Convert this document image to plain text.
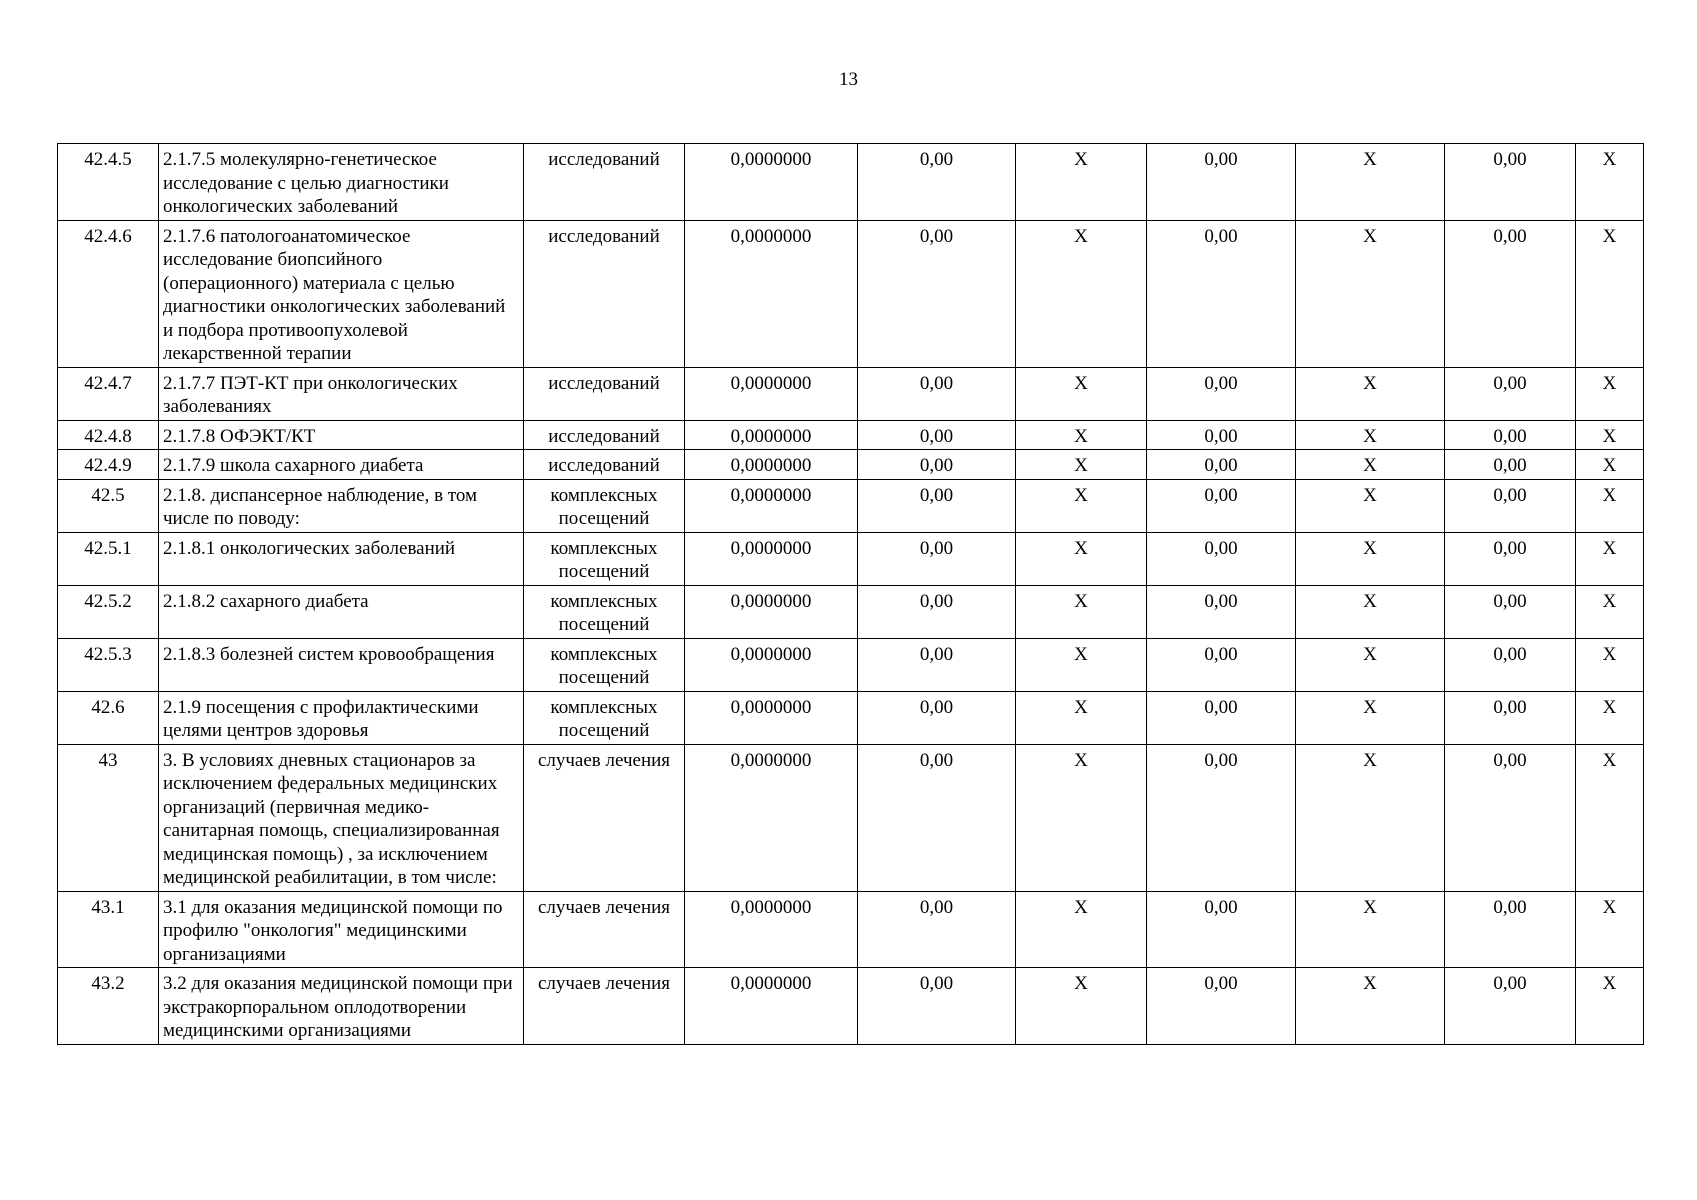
13
42.4.5	2.1.7.5 молекулярно-генетическое исследование с целью диагностики онкологических заболеваний	исследований	0,0000000	0,00	X	0,00	X	0,00	X
42.4.6	2.1.7.6 патологоанатомическое исследование биопсийного (операционного) материала с целью диагностики онкологических заболеваний и подбора противоопухолевой лекарственной терапии	исследований	0,0000000	0,00	X	0,00	X	0,00	X
42.4.7	2.1.7.7 ПЭТ-КТ при онкологических заболеваниях	исследований	0,0000000	0,00	X	0,00	X	0,00	X
42.4.8	2.1.7.8 ОФЭКТ/КТ	исследований	0,0000000	0,00	X	0,00	X	0,00	X
42.4.9	2.1.7.9 школа сахарного диабета	исследований	0,0000000	0,00	X	0,00	X	0,00	X
42.5	2.1.8. диспансерное наблюдение, в том числе по поводу:	комплексных посещений	0,0000000	0,00	X	0,00	X	0,00	X
42.5.1	2.1.8.1 онкологических заболеваний	комплексных посещений	0,0000000	0,00	X	0,00	X	0,00	X
42.5.2	2.1.8.2 сахарного диабета	комплексных посещений	0,0000000	0,00	X	0,00	X	0,00	X
42.5.3	2.1.8.3 болезней систем кровообращения	комплексных посещений	0,0000000	0,00	X	0,00	X	0,00	X
42.6	2.1.9 посещения с профилактическими целями центров здоровья	комплексных посещений	0,0000000	0,00	X	0,00	X	0,00	X
43	3. В условиях дневных стационаров за исключением федеральных медицинских организаций (первичная медико-санитарная помощь, специализированная медицинская помощь) , за исключением медицинской реабилитации, в том числе:	случаев лечения	0,0000000	0,00	X	0,00	X	0,00	X
43.1	3.1 для оказания медицинской помощи по профилю "онкология" медицинскими организациями	случаев лечения	0,0000000	0,00	X	0,00	X	0,00	X
43.2	3.2 для оказания медицинской помощи при экстракорпоральном оплодотворении медицинскими организациями	случаев лечения	0,0000000	0,00	X	0,00	X	0,00	X
